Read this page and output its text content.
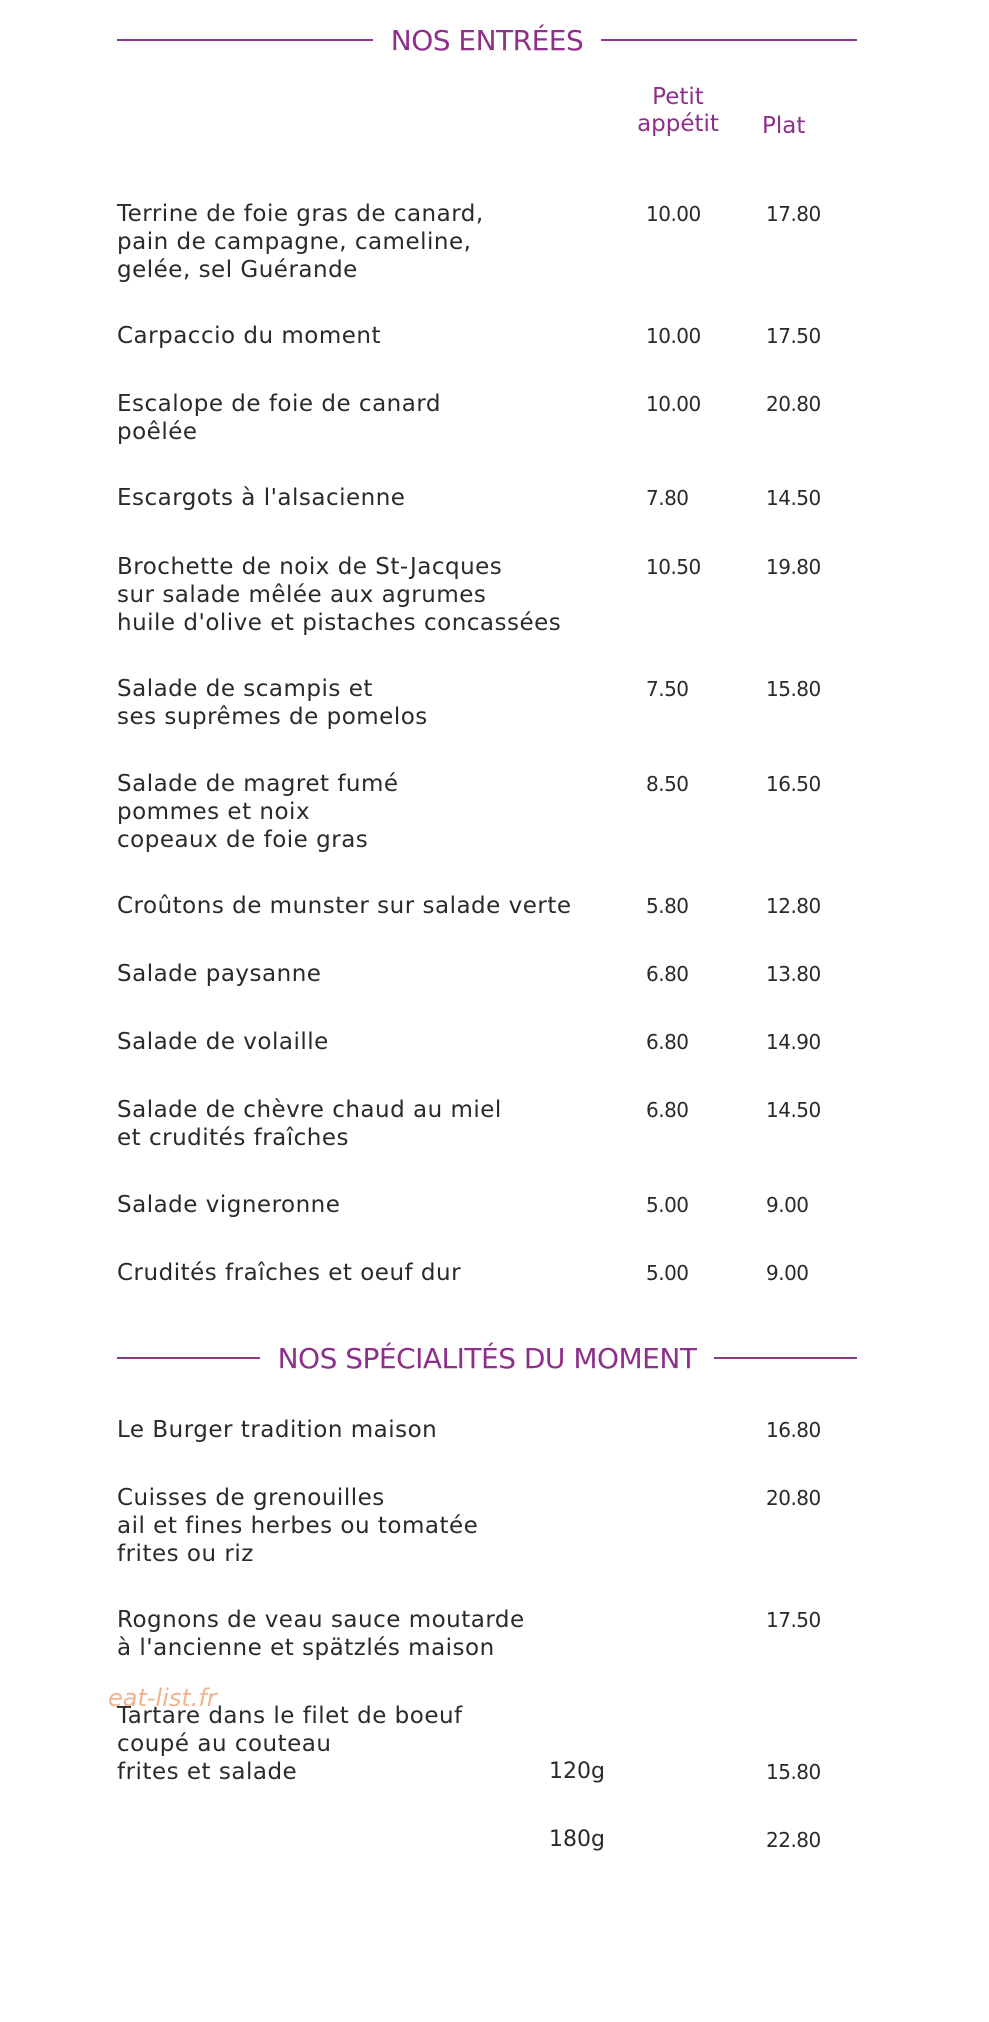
NOS ENTRÉES
Petit
appétit	Plat
Terrine de foie gras de canard,
pain de campagne, cameline,
gelée, sel Guérande
10.00	17.80
Carpaccio du moment	10.00	17.50
Escalope de foie de canard
poêlée
10.00	20.80
Escargots à l'alsacienne	7.80	14.50
Brochette de noix de St-Jacques
sur salade mêlée aux agrumes
huile d'olive et pistaches concassées
10.50	19.80
Salade de scampis et
ses suprêmes de pomelos
7.50	15.80
Salade de magret fumé
pommes et noix
copeaux de foie gras
8.50	16.50
Croûtons de munster sur salade verte	5.80	12.80
Salade paysanne	6.80	13.80
Salade de volaille	6.80	14.90
Salade de chèvre chaud au miel
et crudités fraîches
6.80	14.50
Salade vigneronne	5.00	9.00
Crudités fraîches et oeuf dur	5.00	9.00
NOS SPÉCIALITÉS DU MOMENT
Le Burger tradition maison	16.80
Cuisses de grenouilles
ail et fines herbes ou tomatée
frites ou riz
20.80
Rognons de veau sauce moutarde
à l'ancienne et spätzlés maison
17.50
Tartare dans le filet de boeuf
coupé au couteau
frites et salade	120g	15.80
180g	22.80
eat-list.fr
